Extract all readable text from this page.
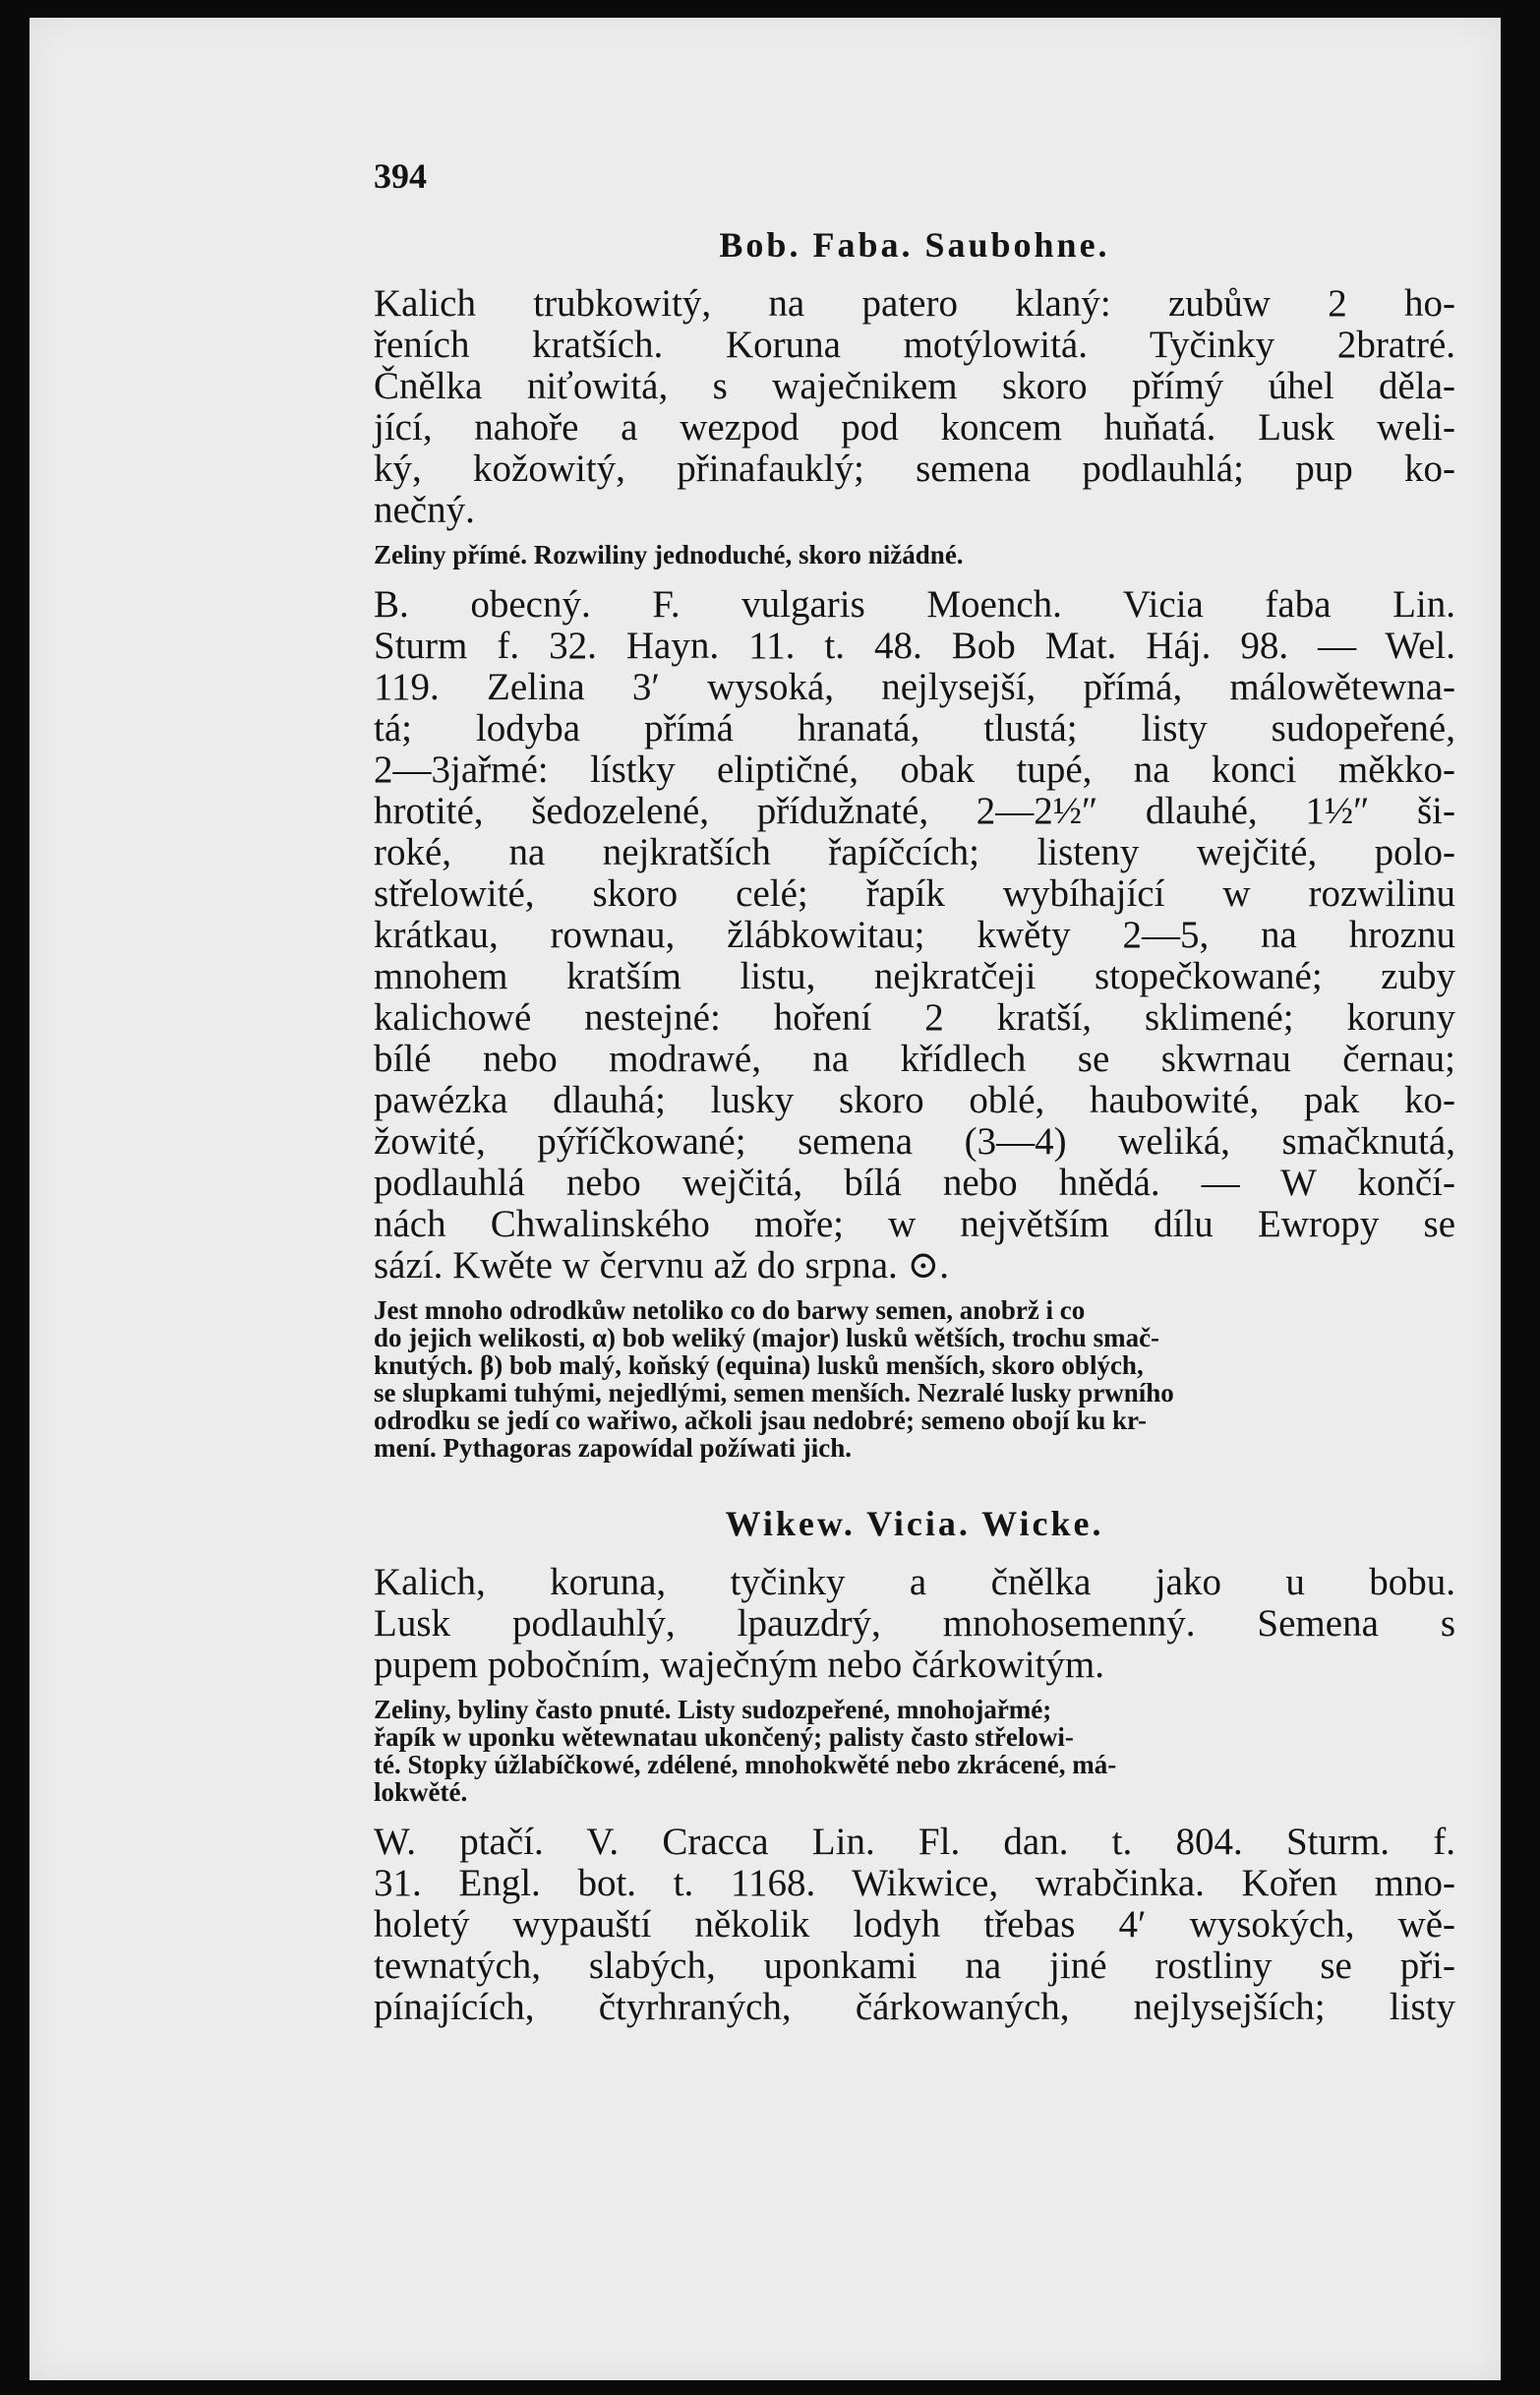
394
Bob. Faba. Saubohne.

Kalich trubkowitý, na patero klaný: zubůw 2 ho-
řeních kratších. Koruna motýlowitá. Tyčinky 2bratré.
Čnělka niťowitá, s waječnikem skoro přímý úhel děla-
jící, nahoře a wezpod pod koncem huňatá. Lusk weli-
ký, kožowitý, přinafauklý; semena podlauhlá; pup ko-
nečný.

Zeliny přímé. Rozwiliny jednoduché, skoro nižádné.

B. obecný. F. vulgaris Moench. Vicia faba Lin.
Sturm f. 32. Hayn. 11. t. 48. Bob Mat. Háj. 98. — Wel.
119. Zelina 3′ wysoká, nejlysejší, přímá, málowětewna-
tá; lodyba přímá hranatá, tlustá; listy sudopeřené,
2—3jařmé: lístky eliptičné, obak tupé, na konci měkko-
hrotité, šedozelené, přídužnaté, 2—2½″ dlauhé, 1½″ ši-
roké, na nejkratších řapíčcích; listeny wejčité, polo-
střelowité, skoro celé; řapík wybíhající w rozwilinu
krátkau, rownau, žlábkowitau; kwěty 2—5, na hroznu
mnohem kratším listu, nejkratčeji stopečkowané; zuby
kalichowé nestejné: hoření 2 kratší, sklimené; koruny
bílé nebo modrawé, na křídlech se skwrnau černau;
pawézka dlauhá; lusky skoro oblé, haubowité, pak ko-
žowité, pýříčkowané; semena (3—4) weliká, smačknutá,
podlauhlá nebo wejčitá, bílá nebo hnědá. — W končí-
nách Chwalinského moře; w největším dílu Ewropy se
sází. Kwěte w červnu až do srpna. ⊙.

Jest mnoho odrodkůw netoliko co do barwy semen, anobrž i co
do jejich welikosti, α) bob weliký (major) lusků wětších, trochu smač-
knutých. β) bob malý, koňský (equina) lusků menších, skoro oblých,
se slupkami tuhými, nejedlými, semen menších. Nezralé lusky prwního
odrodku se jedí co wařiwo, ačkoli jsau nedobré; semeno obojí ku kr-
mení. Pythagoras zapowídal požíwati jich.
Wikew. Vicia. Wicke.

Kalich, koruna, tyčinky a čnělka jako u bobu.
Lusk podlauhlý, lpauzdrý, mnohosemenný. Semena s
pupem pobočním, waječným nebo čárkowitým.

Zeliny, byliny často pnuté. Listy sudozpeřené, mnohojařmé;
řapík w uponku wětewnatau ukončený; palisty často střelowi-
té. Stopky úžlabíčkowé, zdélené, mnohokwěté nebo zkrácené, má-
lokwěté.

W. ptačí. V. Cracca Lin. Fl. dan. t. 804. Sturm. f.
31. Engl. bot. t. 1168. Wikwice, wrabčinka. Kořen mno-
holetý wypauští několik lodyh třebas 4′ wysokých, wě-
tewnatých, slabých, uponkami na jiné rostliny se při-
pínajících, čtyrhraných, čárkowaných, nejlysejších; listy
